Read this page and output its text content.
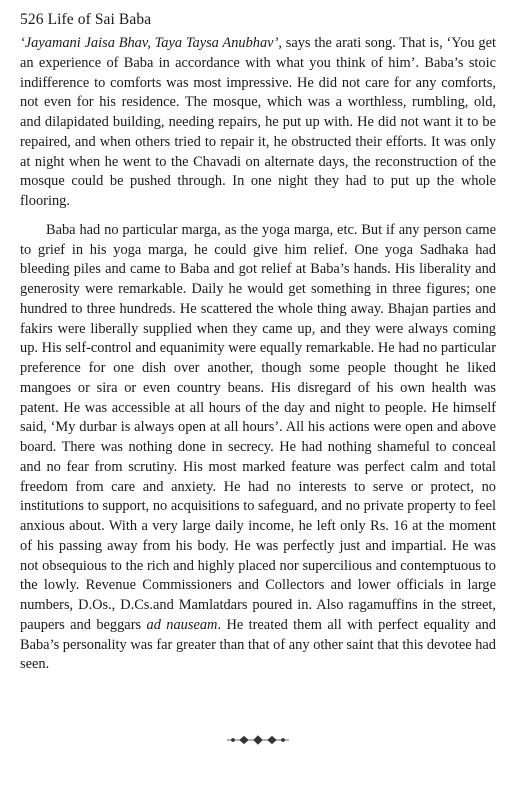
526 Life of Sai Baba

‘Jayamani Jaisa Bhav, Taya Taysa Anubhav’, says the arati song. That is, ‘You get an experience of Baba in accordance with what you think of him’. Baba’s stoic indifference to comforts was most impressive. He did not care for any comforts, not even for his residence. The mosque, which was a worthless, rumbling, old, and dilapidated building, needing repairs, he put up with. He did not want it to be repaired, and when others tried to repair it, he obstructed their efforts. It was only at night when he went to the Chavadi on alternate days, the reconstruction of the mosque could be pushed through. In one night they had to put up the whole flooring.

Baba had no particular marga, as the yoga marga, etc. But if any person came to grief in his yoga marga, he could give him relief. One yoga Sadhaka had bleeding piles and came to Baba and got relief at Baba’s hands. His liberality and generosity were remarkable. Daily he would get something in three figures; one hundred to three hundreds. He scattered the whole thing away. Bhajan parties and fakirs were liberally supplied when they came up, and they were always coming up. His self-control and equanimity were equally remarkable. He had no particular preference for one dish over another, though some people thought he liked mangoes or sira or even country beans. His disregard of his own health was patent. He was accessible at all hours of the day and night to people. He himself said, ‘My durbar is always open at all hours’. All his actions were open and above board. There was nothing done in secrecy. He had nothing shameful to conceal and no fear from scrutiny. His most marked feature was perfect calm and total freedom from care and anxiety. He had no interests to serve or protect, no institutions to support, no acquisitions to safeguard, and no private property to feel anxious about. With a very large daily income, he left only Rs. 16 at the moment of his passing away from his body. He was perfectly just and impartial. He was not obsequious to the rich and highly placed nor supercilious and contemptuous to the lowly. Revenue Commissioners and Collectors and lower officials in large numbers, D.Os., D.Cs.and Mamlatdars poured in. Also ragamuffins in the street, paupers and beggars ad nauseam. He treated them all with perfect equality and Baba’s personality was far greater than that of any other saint that this devotee had seen.
